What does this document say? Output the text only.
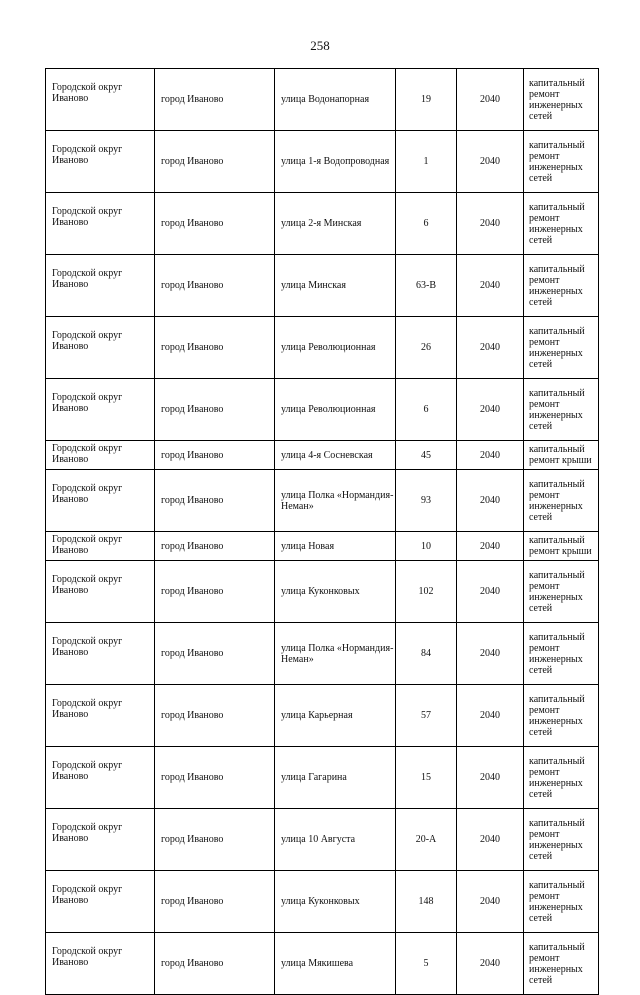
258
Городской округ Иваново	город Иваново	улица Водонапорная	19	2040	капитальный ремонт инженерных сетей
Городской округ Иваново	город Иваново	улица 1-я Водопроводная	1	2040	капитальный ремонт инженерных сетей
Городской округ Иваново	город Иваново	улица 2-я Минская	6	2040	капитальный ремонт инженерных сетей
Городской округ Иваново	город Иваново	улица Минская	63-В	2040	капитальный ремонт инженерных сетей
Городской округ Иваново	город Иваново	улица Революционная	26	2040	капитальный ремонт инженерных сетей
Городской округ Иваново	город Иваново	улица Революционная	6	2040	капитальный ремонт инженерных сетей
Городской округ Иваново	город Иваново	улица 4-я Сосневская	45	2040	капитальный ремонт крыши
Городской округ Иваново	город Иваново	улица Полка «Нормандия-Неман»	93	2040	капитальный ремонт инженерных сетей
Городской округ Иваново	город Иваново	улица Новая	10	2040	капитальный ремонт крыши
Городской округ Иваново	город Иваново	улица Куконковых	102	2040	капитальный ремонт инженерных сетей
Городской округ Иваново	город Иваново	улица Полка «Нормандия-Неман»	84	2040	капитальный ремонт инженерных сетей
Городской округ Иваново	город Иваново	улица Карьерная	57	2040	капитальный ремонт инженерных сетей
Городской округ Иваново	город Иваново	улица Гагарина	15	2040	капитальный ремонт инженерных сетей
Городской округ Иваново	город Иваново	улица 10 Августа	20-А	2040	капитальный ремонт инженерных сетей
Городской округ Иваново	город Иваново	улица Куконковых	148	2040	капитальный ремонт инженерных сетей
Городской округ Иваново	город Иваново	улица Мякишева	5	2040	капитальный ремонт инженерных сетей
